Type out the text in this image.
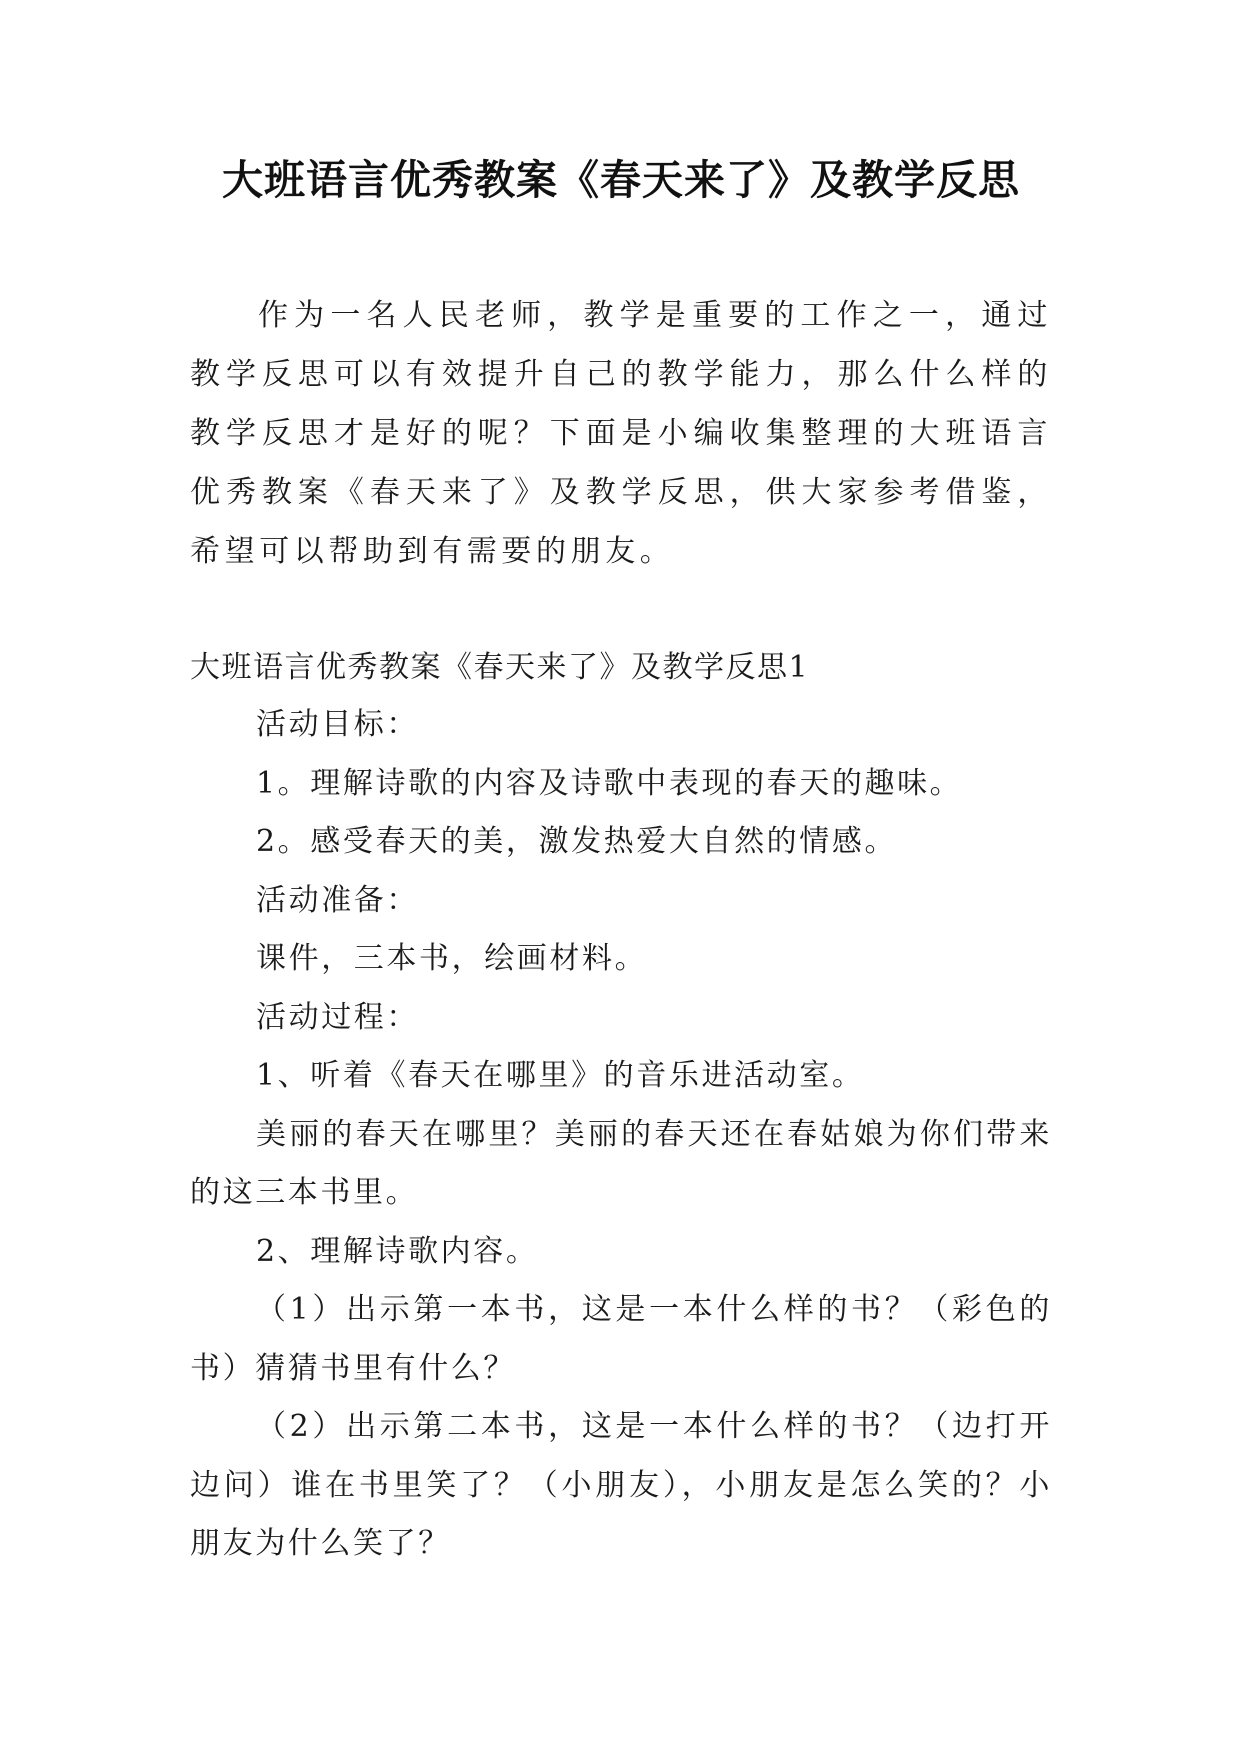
大班语言优秀教案《春天来了》及教学反思

作为一名人民老师，教学是重要的工作之一，通过教学反思可以有效提升自己的教学能力，那么什么样的教学反思才是好的呢？下面是小编收集整理的大班语言优秀教案《春天来了》及教学反思，供大家参考借鉴，希望可以帮助到有需要的朋友。

大班语言优秀教案《春天来了》及教学反思1

活动目标：

1。理解诗歌的内容及诗歌中表现的春天的趣味。

2。感受春天的美，激发热爱大自然的情感。

活动准备：

课件，三本书，绘画材料。

活动过程：

1、听着《春天在哪里》的音乐进活动室。

美丽的春天在哪里？美丽的春天还在春姑娘为你们带来的这三本书里。

2、理解诗歌内容。

（1）出示第一本书，这是一本什么样的书？（彩色的书）猜猜书里有什么？

（2）出示第二本书，这是一本什么样的书？（边打开边问）谁在书里笑了？（小朋友），小朋友是怎么笑的？小朋友为什么笑了？
